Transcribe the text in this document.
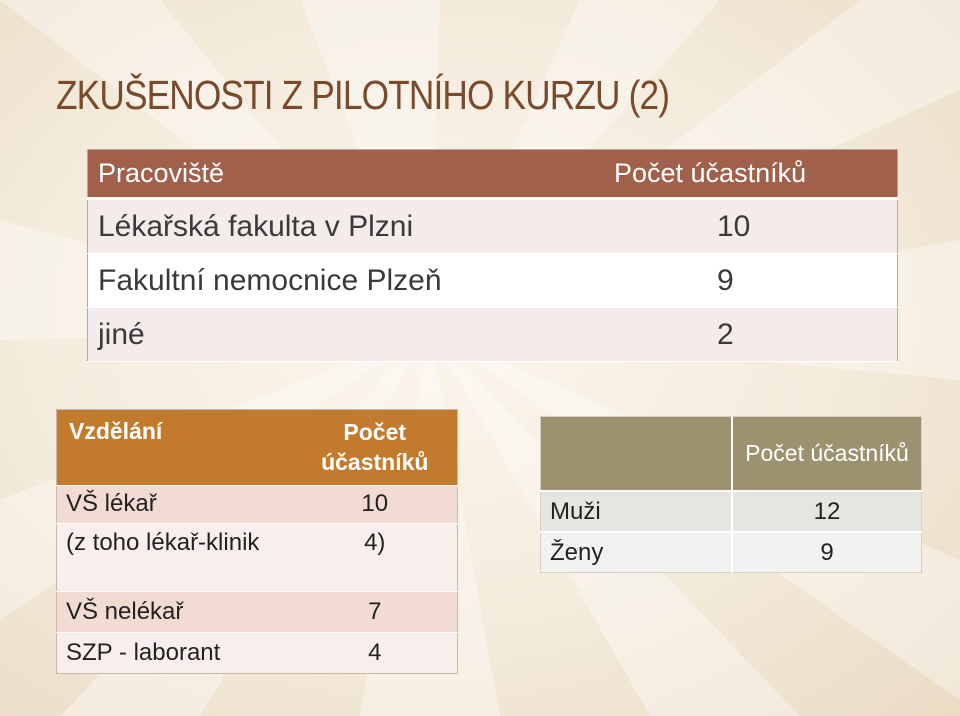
ZKUŠENOSTI Z PILOTNÍHO KURZU (2)
Pracoviště	Počet účastníků
Lékařská fakulta v Plzni	10
Fakultní nemocnice Plzeň	9
jiné	2
Vzdělání	Počet účastníků
VŠ lékař	10
(z toho lékař-klinik	4)
VŠ nelékař	7
SZP - laborant	4
	Počet účastníků
Muži	12
Ženy	9
